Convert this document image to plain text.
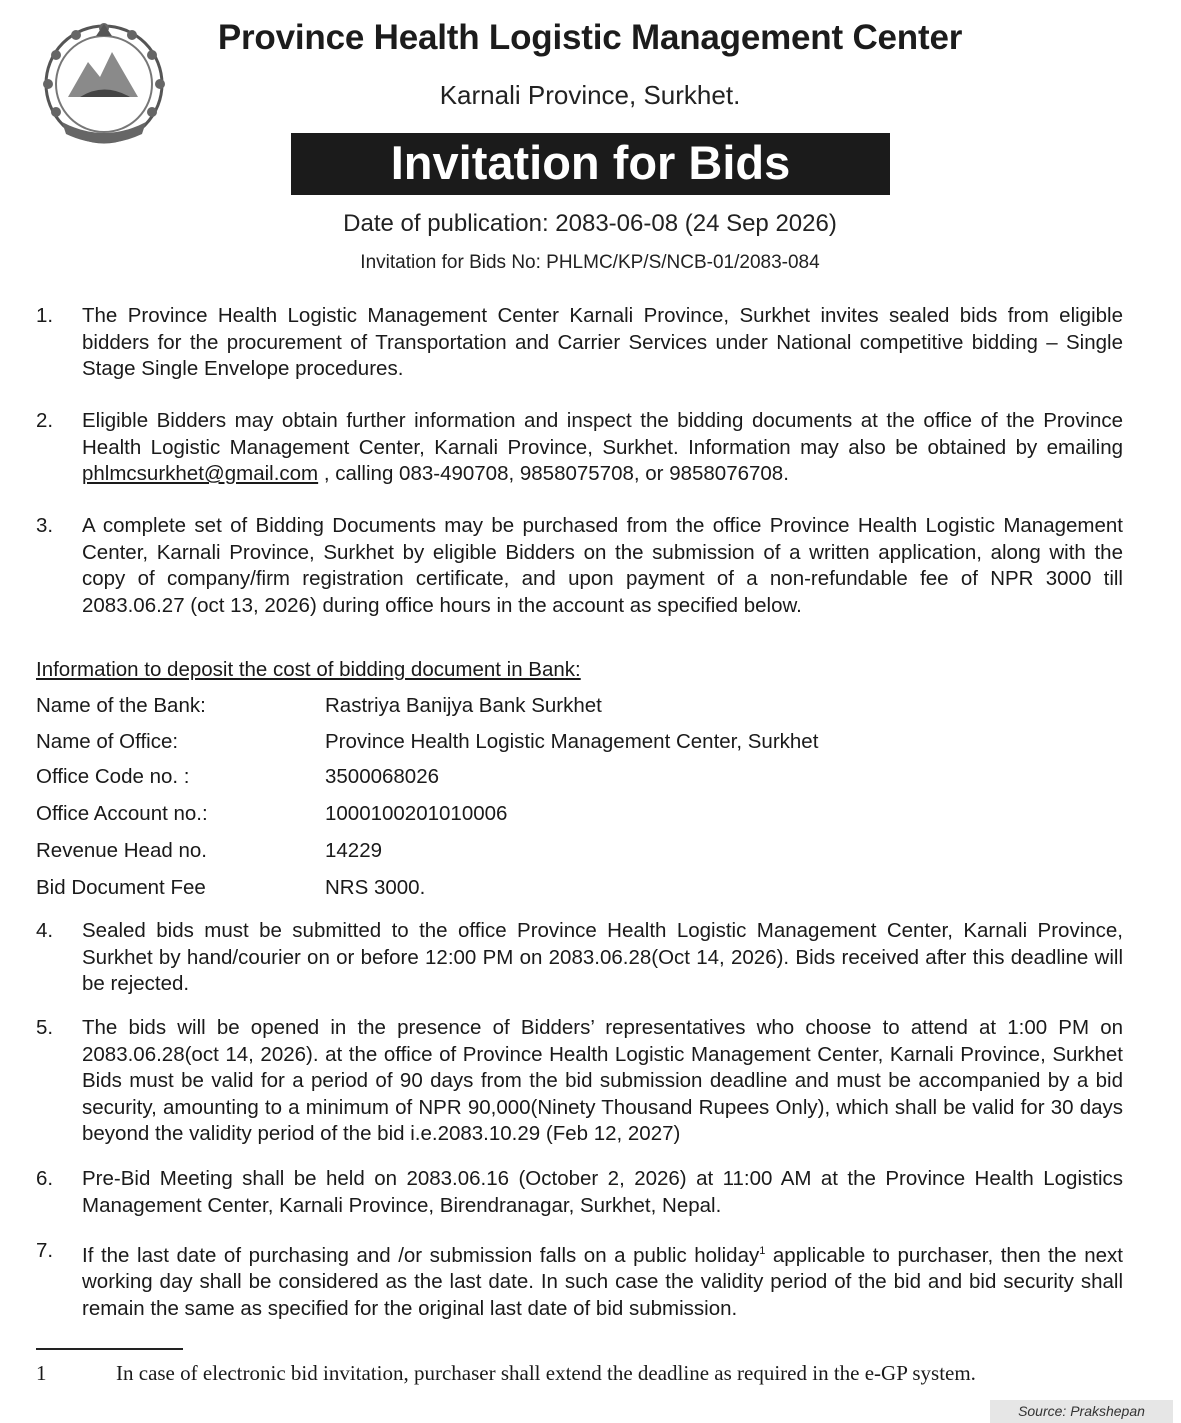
Province Health Logistic Management Center
Karnali Province, Surkhet.
Invitation for Bids
Date of publication: 2083-06-08 (24 Sep 2026)
Invitation for Bids No: PHLMC/KP/S/NCB-01/2083-084
1.	The Province Health Logistic Management Center Karnali Province, Surkhet invites sealed bids from eligible bidders for the procurement of Transportation and Carrier Services under National competitive bidding – Single Stage Single Envelope procedures.
2.	Eligible Bidders may obtain further information and inspect the bidding documents at the office of the Province Health Logistic Management Center, Karnali Province, Surkhet. Information may also be obtained by emailing phlmcsurkhet@gmail.com , calling 083-490708, 9858075708, or 9858076708.
3.	A complete set of Bidding Documents may be purchased from the office Province Health Logistic Management Center, Karnali Province, Surkhet by eligible Bidders on the submission of a written application, along with the copy of company/firm registration certificate, and upon payment of a non-refundable fee of NPR 3000 till 2083.06.27 (oct 13, 2026) during office hours in the account as specified below.
Information to deposit the cost of bidding document in Bank:
Name of the Bank:	Rastriya Banijya Bank Surkhet
Name of Office:	Province Health Logistic Management Center, Surkhet
Office Code no. :	3500068026
Office Account no.:	1000100201010006
Revenue Head no.	14229
Bid Document Fee	NRS 3000.
4.	Sealed bids must be submitted to the office Province Health Logistic Management Center, Karnali Province, Surkhet by hand/courier on or before 12:00 PM on 2083.06.28(Oct 14, 2026). Bids received after this deadline will be rejected.
5.	The bids will be opened in the presence of Bidders’ representatives who choose to attend at 1:00 PM on 2083.06.28(oct 14, 2026). at the office of Province Health Logistic Management Center, Karnali Province, Surkhet Bids must be valid for a period of 90 days from the bid submission deadline and must be accompanied by a bid security, amounting to a minimum of NPR 90,000(Ninety Thousand Rupees Only), which shall be valid for 30 days beyond the validity period of the bid i.e.2083.10.29 (Feb 12, 2027)
6.	Pre-Bid Meeting shall be held on 2083.06.16 (October 2, 2026) at 11:00 AM at the Province Health Logistics Management Center, Karnali Province, Birendranagar, Surkhet, Nepal.
7.	If the last date of purchasing and /or submission falls on a public holiday$^1$ applicable to purchaser, then the next working day shall be considered as the last date. In such case the validity period of the bid and bid security shall remain the same as specified for the original last date of bid submission.
1	In case of electronic bid invitation, purchaser shall extend the deadline as required in the e-GP system.
Source: Prakshepan
